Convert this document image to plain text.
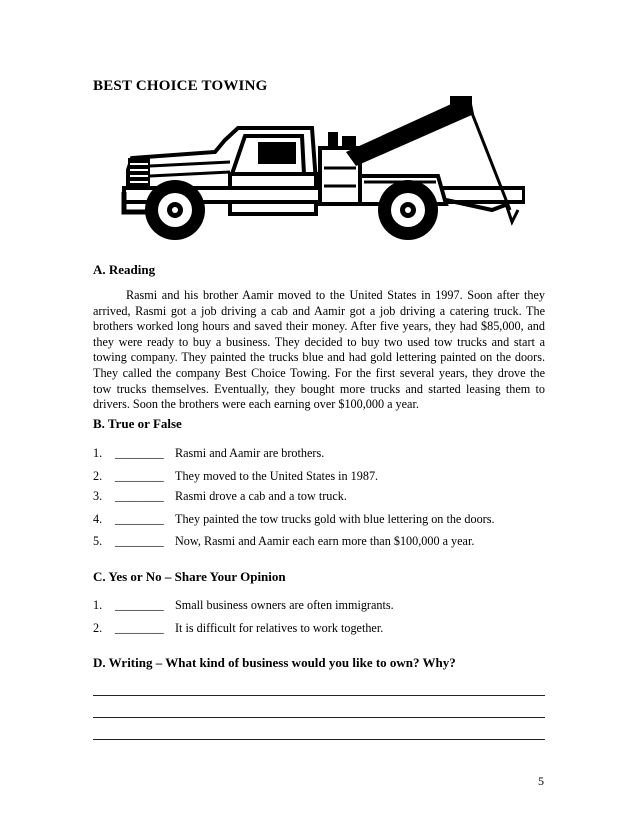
BEST CHOICE TOWING
A. Reading

Rasmi and his brother Aamir moved to the United States in 1997. Soon after they arrived, Rasmi got a job driving a cab and Aamir got a job driving a catering truck. The brothers worked long hours and saved their money. After five years, they had $85,000, and they were ready to buy a business. They decided to buy two used tow trucks and start a towing company. They painted the trucks blue and had gold lettering painted on the doors. They called the company Best Choice Towing. For the first several years, they drove the tow trucks themselves. Eventually, they bought more trucks and started leasing them to drivers. Soon the brothers were each earning over $100,000 a year.

B. True or False
1. ________ Rasmi and Aamir are brothers.
2. ________ They moved to the United States in 1987.
3. ________ Rasmi drove a cab and a tow truck.
4. ________ They painted the tow trucks gold with blue lettering on the doors.
5. ________ Now, Rasmi and Aamir each earn more than $100,000 a year.
C. Yes or No – Share Your Opinion
1. ________ Small business owners are often immigrants.
2. ________ It is difficult for relatives to work together.
D. Writing – What kind of business would you like to own? Why?
5
